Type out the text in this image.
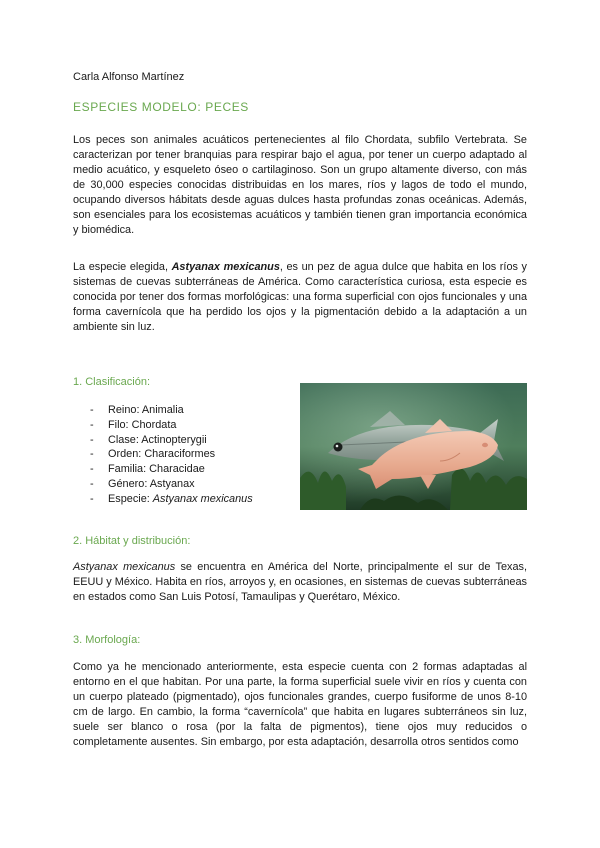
Carla Alfonso Martínez
ESPECIES MODELO: PECES

Los peces son animales acuáticos pertenecientes al filo Chordata, subfilo Vertebrata. Se caracterizan por tener branquias para respirar bajo el agua, por tener un cuerpo adaptado al medio acuático, y esqueleto óseo o cartilaginoso. Son un grupo altamente diverso, con más de 30,000 especies conocidas distribuidas en los mares, ríos y lagos de todo el mundo, ocupando diversos hábitats desde aguas dulces hasta profundas zonas oceánicas. Además, son esenciales para los ecosistemas acuáticos y también tienen gran importancia económica y biomédica.

La especie elegida, Astyanax mexicanus, es un pez de agua dulce que habita en los ríos y sistemas de cuevas subterráneas de América. Como característica curiosa, esta especie es conocida por tener dos formas morfológicas: una forma superficial con ojos funcionales y una forma cavernícola que ha perdido los ojos y la pigmentación debido a la adaptación a un ambiente sin luz.

1. Clasificación:
- Reino: Animalia
- Filo: Chordata
- Clase: Actinopterygii
- Orden: Characiformes
- Familia: Characidae
- Género: Astyanax
- Especie: Astyanax mexicanus
2. Hábitat y distribución:

Astyanax mexicanus se encuentra en América del Norte, principalmente el sur de Texas, EEUU y México. Habita en ríos, arroyos y, en ocasiones, en sistemas de cuevas subterráneas en estados como San Luis Potosí, Tamaulipas y Querétaro, México.

3. Morfología:

Como ya he mencionado anteriormente, esta especie cuenta con 2 formas adaptadas al entorno en el que habitan. Por una parte, la forma superficial suele vivir en ríos y cuenta con un cuerpo plateado (pigmentado), ojos funcionales grandes, cuerpo fusiforme de unos 8-10 cm de largo. En cambio, la forma “cavernícola” que habita en lugares subterráneos sin luz, suele ser blanco o rosa (por la falta de pigmentos), tiene ojos muy reducidos o completamente ausentes. Sin embargo, por esta adaptación, desarrolla otros sentidos como
